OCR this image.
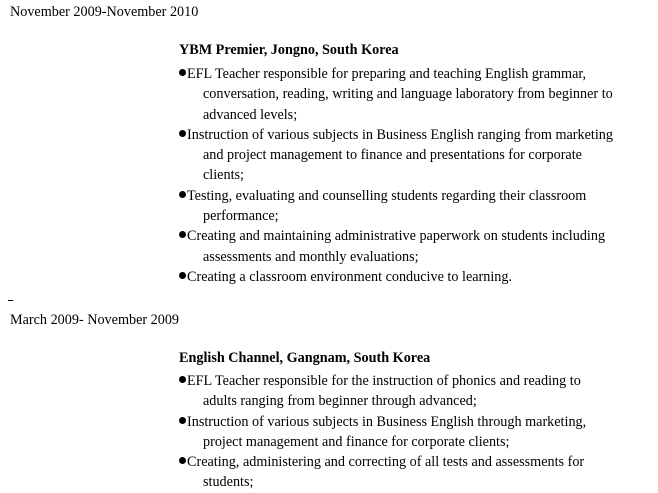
November 2009-November 2010
YBM Premier, Jongno, South Korea
EFL Teacher responsible for preparing and teaching English grammar,
conversation, reading, writing and language laboratory from beginner to
advanced levels;
Instruction of various subjects in Business English ranging from marketing
and project management to finance and presentations for corporate
clients;
Testing, evaluating and counselling students regarding their classroom
performance;
Creating and maintaining administrative paperwork on students including
assessments and monthly evaluations;
Creating a classroom environment conducive to learning.
March 2009- November 2009
English Channel, Gangnam, South Korea
EFL Teacher responsible for the instruction of phonics and reading to
adults ranging from beginner through advanced;
Instruction of various subjects in Business English through marketing,
project management and finance for corporate clients;
Creating, administering and correcting of all tests and assessments for
students;
